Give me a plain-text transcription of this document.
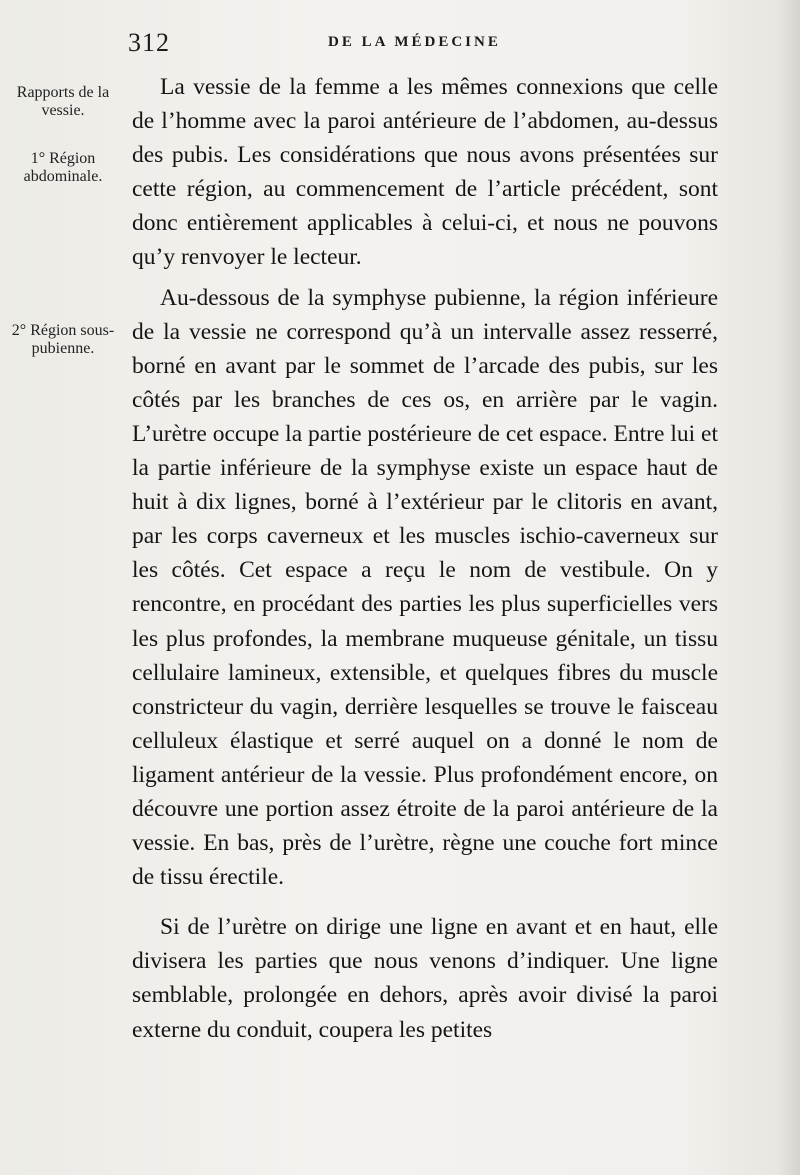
312	DE LA MÉDECINE
Rapports de la vessie.
1° Région abdominale.
2° Région sous-pubienne.

La vessie de la femme a les mêmes connexions que celle de l’homme avec la paroi antérieure de l’abdomen, au-dessus des pubis. Les considérations que nous avons présentées sur cette région, au commencement de l’article précédent, sont donc entièrement applicables à celui-ci, et nous ne pouvons qu’y renvoyer le lecteur.

Au-dessous de la symphyse pubienne, la région inférieure de la vessie ne correspond qu’à un intervalle assez resserré, borné en avant par le sommet de l’arcade des pubis, sur les côtés par les branches de ces os, en arrière par le vagin. L’urètre occupe la partie postérieure de cet espace. Entre lui et la partie inférieure de la symphyse existe un espace haut de huit à dix lignes, borné à l’extérieur par le clitoris en avant, par les corps caverneux et les muscles ischio-caverneux sur les côtés. Cet espace a reçu le nom de vestibule. On y rencontre, en procédant des parties les plus superficielles vers les plus profondes, la membrane muqueuse génitale, un tissu cellulaire lamineux, extensible, et quelques fibres du muscle constricteur du vagin, derrière lesquelles se trouve le faisceau celluleux élastique et serré auquel on a donné le nom de ligament antérieur de la vessie. Plus profondément encore, on découvre une portion assez étroite de la paroi antérieure de la vessie. En bas, près de l’urètre, règne une couche fort mince de tissu érectile.

Si de l’urètre on dirige une ligne en avant et en haut, elle divisera les parties que nous venons d’indiquer. Une ligne semblable, prolongée en dehors, après avoir divisé la paroi externe du conduit, coupera les petites
